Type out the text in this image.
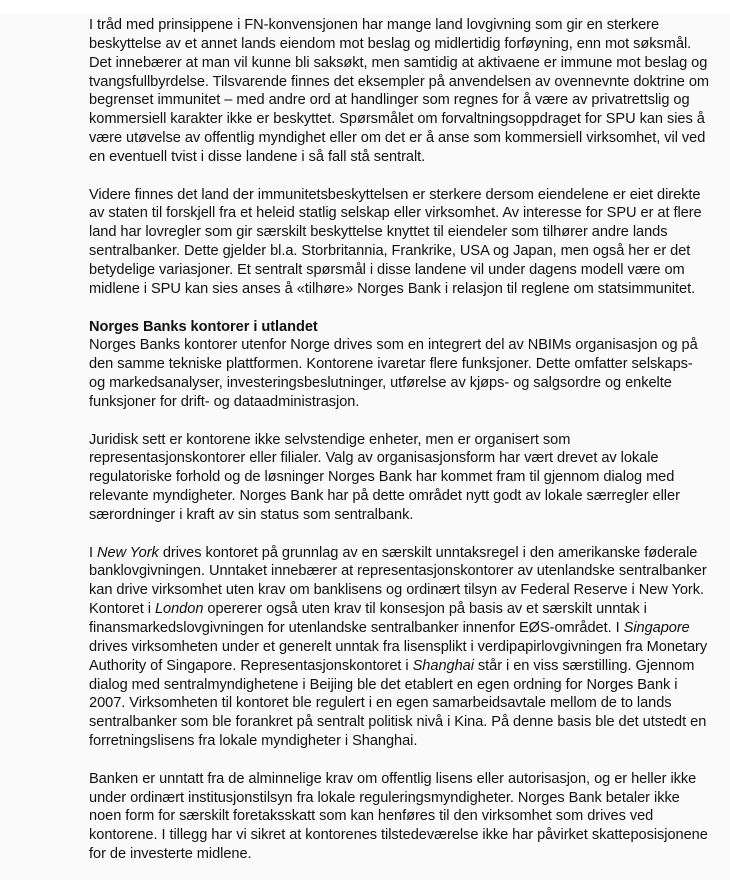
I tråd med prinsippene i FN-konvensjonen har mange land lovgivning som gir en sterkere beskyttelse av et annet lands eiendom mot beslag og midlertidig forføyning, enn mot søksmål. Det innebærer at man vil kunne bli saksøkt, men samtidig at aktivaene er immune mot beslag og tvangsfullbyrdelse. Tilsvarende finnes det eksempler på anvendelsen av ovennevnte doktrine om begrenset immunitet – med andre ord at handlinger som regnes for å være av privatrettslig og kommersiell karakter ikke er beskyttet. Spørsmålet om forvaltningsoppdraget for SPU kan sies å være utøvelse av offentlig myndighet eller om det er å anse som kommersiell virksomhet, vil ved en eventuell tvist i disse landene i så fall stå sentralt.

Videre finnes det land der immunitetsbeskyttelsen er sterkere dersom eiendelene er eiet direkte av staten til forskjell fra et heleid statlig selskap eller virksomhet. Av interesse for SPU er at flere land har lovregler som gir særskilt beskyttelse knyttet til eiendeler som tilhører andre lands sentralbanker. Dette gjelder bl.a. Storbritannia, Frankrike, USA og Japan, men også her er det betydelige variasjoner. Et sentralt spørsmål i disse landene vil under dagens modell være om midlene i SPU kan sies anses å «tilhøre» Norges Bank i relasjon til reglene om statsimmunitet.

Norges Banks kontorer i utlandet

Norges Banks kontorer utenfor Norge drives som en integrert del av NBIMs organisasjon og på den samme tekniske plattformen. Kontorene ivaretar flere funksjoner. Dette omfatter selskaps- og markedsanalyser, investeringsbeslutninger, utførelse av kjøps- og salgsordre og enkelte funksjoner for drift- og dataadministrasjon.

Juridisk sett er kontorene ikke selvstendige enheter, men er organisert som representasjonskontorer eller filialer. Valg av organisasjonsform har vært drevet av lokale regulatoriske forhold og de løsninger Norges Bank har kommet fram til gjennom dialog med relevante myndigheter. Norges Bank har på dette området nytt godt av lokale særregler eller særordninger i kraft av sin status som sentralbank.

I New York drives kontoret på grunnlag av en særskilt unntaksregel i den amerikanske føderale banklovgivningen. Unntaket innebærer at representasjonskontorer av utenlandske sentralbanker kan drive virksomhet uten krav om banklisens og ordinært tilsyn av Federal Reserve i New York. Kontoret i London opererer også uten krav til konsesjon på basis av et særskilt unntak i finansmarkedslovgivningen for utenlandske sentralbanker innenfor EØS-området. I Singapore drives virksomheten under et generelt unntak fra lisensplikt i verdipapirlovgivningen fra Monetary Authority of Singapore. Representasjonskontoret i Shanghai står i en viss særstilling. Gjennom dialog med sentralmyndighetene i Beijing ble det etablert en egen ordning for Norges Bank i 2007. Virksomheten til kontoret ble regulert i en egen samarbeidsavtale mellom de to lands sentralbanker som ble forankret på sentralt politisk nivå i Kina. På denne basis ble det utstedt en forretningslisens fra lokale myndigheter i Shanghai.

Banken er unntatt fra de alminnelige krav om offentlig lisens eller autorisasjon, og er heller ikke under ordinært institusjonstilsyn fra lokale reguleringsmyndigheter. Norges Bank betaler ikke noen form for særskilt foretaksskatt som kan henføres til den virksomhet som drives ved kontorene. I tillegg har vi sikret at kontorenes tilstedeværelse ikke har påvirket skatteposisjonene for de investerte midlene.
